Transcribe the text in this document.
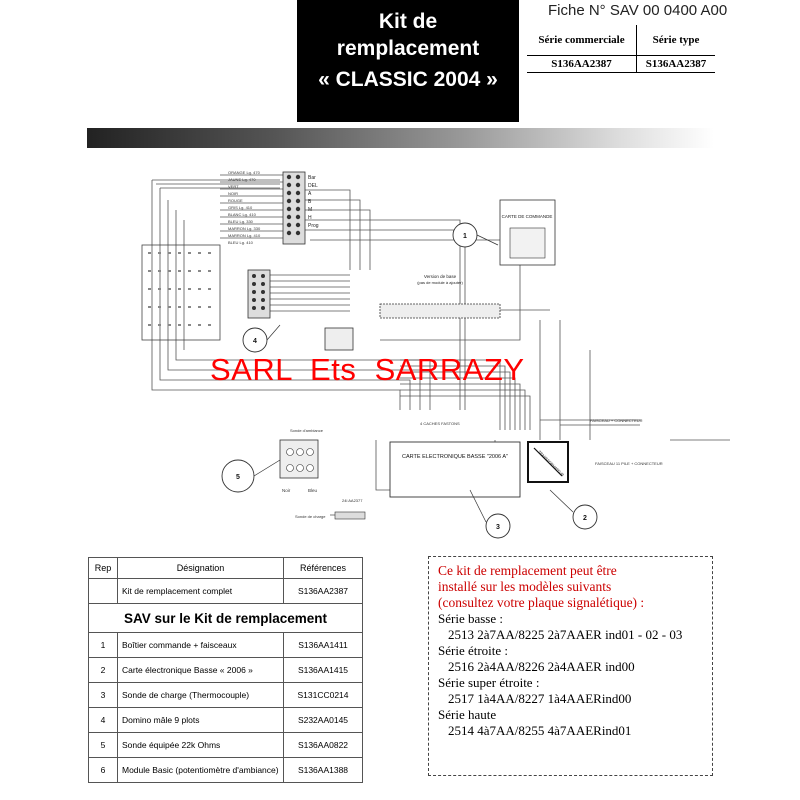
Kit de
remplacement
« CLASSIC 2004 »
Fiche N° SAV 00 0400 A00
Série commerciale	Série type
S136AA2387	S136AA2387
Bar
DEL
A
B
M
H
Prog
ORANGE Lg. 470
JAUNE Lg. 470
VERT
NOIR
ROUGE
GRIS Lg. 410
BLANC Lg. 410
BLEU Lg. 330
MARRON Lg. 330
MARRON Lg. 410
BLEU Lg. 410
Version de base
(pas de module à ajouter)
CARTE DE COMMANDE
CARTE ELECTRONIQUE BASSE "2006 A"	TRANSFORMATEUR
FAISCEAU + CONNECTEUR
FAISCEAU 11 PILE + CONNECTEUR
4 CACHES FASTONS
Sonde d'ambiance
Noir	Bleu
24l AA2377
Sonde de charge
1
2
3
4
5
SARL  Ets  SARRAZY
Rep	Désignation	Références
	Kit de remplacement complet	S136AA2387
SAV sur le Kit de remplacement		
1	Boîtier commande + faisceaux	S136AA1411
2	Carte électronique Basse « 2006 »	S136AA1415
3	Sonde de charge (Thermocouple)	S131CC0214
4	Domino mâle 9 plots	S232AA0145
5	Sonde équipée 22k Ohms	S136AA0822
6	Module Basic (potentiomètre d'ambiance)	S136AA1388
Ce kit de remplacement peut être
installé sur les modèles suivants
(consultez votre plaque signalétique) :
Série basse :
2513 2à7AA/8225 2à7AAER ind01 - 02 - 03
Série étroite :
2516 2à4AA/8226 2à4AAER ind00
Série super étroite :
2517 1à4AA/8227 1à4AAERind00
Série haute
2514 4à7AA/8255 4à7AAERind01
